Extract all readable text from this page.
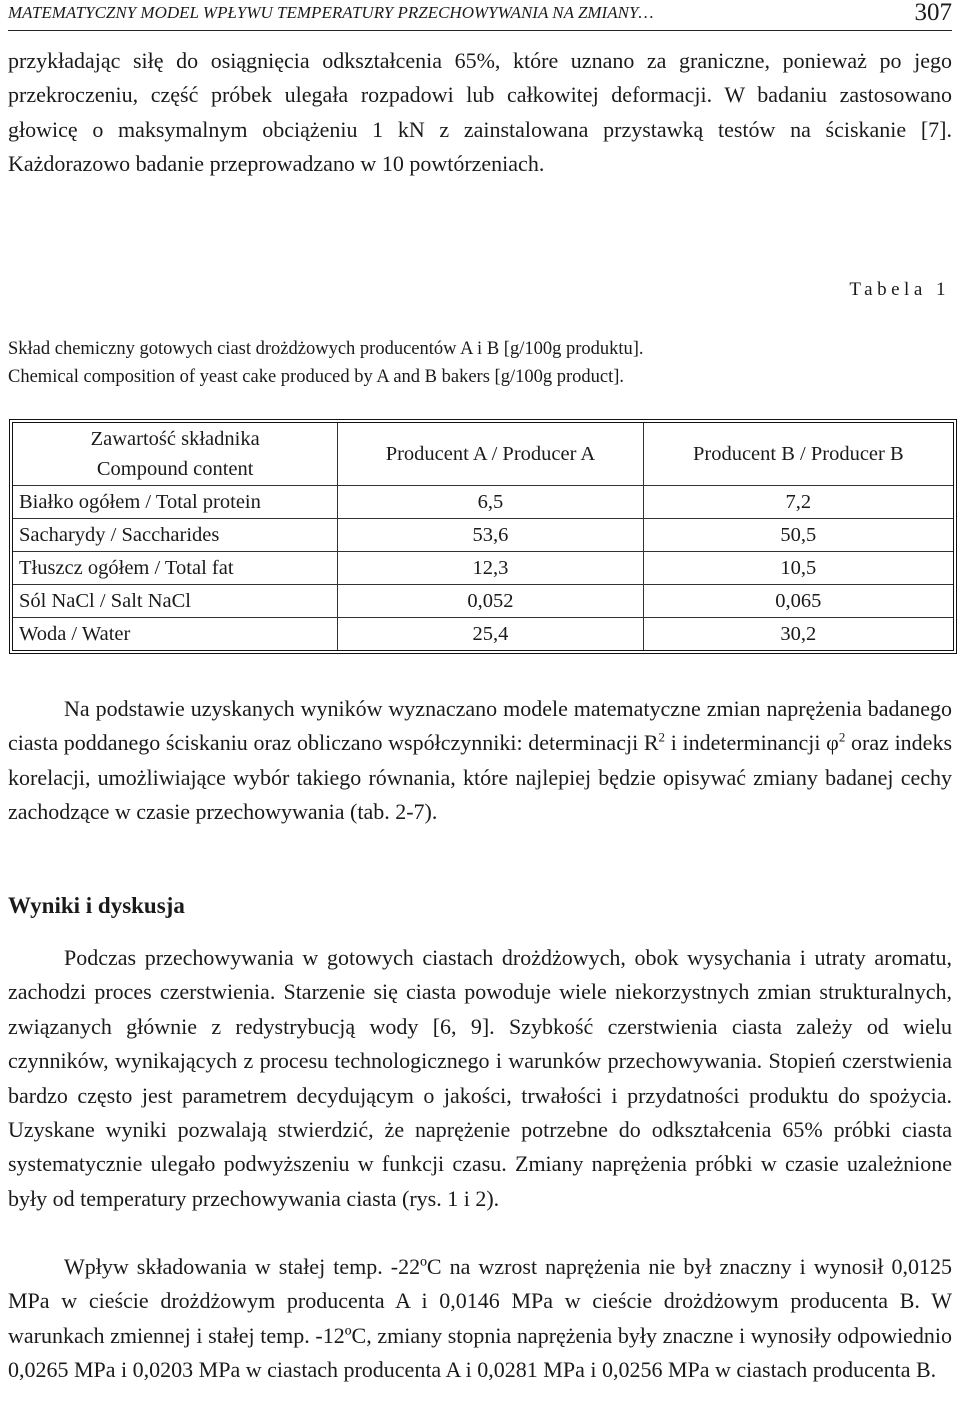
MATEMATYCZNY MODEL WPŁYWU TEMPERATURY PRZECHOWYWANIA NA ZMIANY…	307

przykładając siłę do osiągnięcia odkształcenia 65%, które uznano za graniczne, ponieważ po jego przekroczeniu, część próbek ulegała rozpadowi lub całkowitej deformacji. W badaniu zastosowano głowicę o maksymalnym obciążeniu 1 kN z zainstalowana przystawką testów na ściskanie [7]. Każdorazowo badanie przeprowadzano w 10 powtórzeniach.

Tabela 1
Skład chemiczny gotowych ciast drożdżowych producentów A i B [g/100g produktu].
Chemical composition of yeast cake produced by A and B bakers [g/100g product].
Zawartość składnika
Compound content	Producent A / Producer A	Producent B / Producer B
Białko ogółem / Total protein	6,5	7,2
Sacharydy / Saccharides	53,6	50,5
Tłuszcz ogółem / Total fat	12,3	10,5
Sól NaCl / Salt NaCl	0,052	0,065
Woda / Water	25,4	30,2

Na podstawie uzyskanych wyników wyznaczano modele matematyczne zmian naprężenia badanego ciasta poddanego ściskaniu oraz obliczano współczynniki: determinacji $R^2$ i indeterminancji $\varphi^2$ oraz indeks korelacji, umożliwiające wybór takiego równania, które najlepiej będzie opisywać zmiany badanej cechy zachodzące w czasie przechowywania (tab. 2-7).

Wyniki i dyskusja

Podczas przechowywania w gotowych ciastach drożdżowych, obok wysychania i utraty aromatu, zachodzi proces czerstwienia. Starzenie się ciasta powoduje wiele niekorzystnych zmian strukturalnych, związanych głównie z redystrybucją wody [6, 9]. Szybkość czerstwienia ciasta zależy od wielu czynników, wynikających z procesu technologicznego i warunków przechowywania. Stopień czerstwienia bardzo często jest parametrem decydującym o jakości, trwałości i przydatności produktu do spożycia. Uzyskane wyniki pozwalają stwierdzić, że naprężenie potrzebne do odkształcenia 65% próbki ciasta systematycznie ulegało podwyższeniu w funkcji czasu. Zmiany naprężenia próbki w czasie uzależnione były od temperatury przechowywania ciasta (rys. 1 i 2).

Wpływ składowania w stałej temp. -22ºC na wzrost naprężenia nie był znaczny i wynosił 0,0125 MPa w cieście drożdżowym producenta A i 0,0146 MPa w cieście drożdżowym producenta B. W warunkach zmiennej i stałej temp. -12ºC, zmiany stopnia naprężenia były znaczne i wynosiły odpowiednio 0,0265 MPa i 0,0203 MPa w ciastach producenta A i 0,0281 MPa i 0,0256 MPa w ciastach producenta B.
